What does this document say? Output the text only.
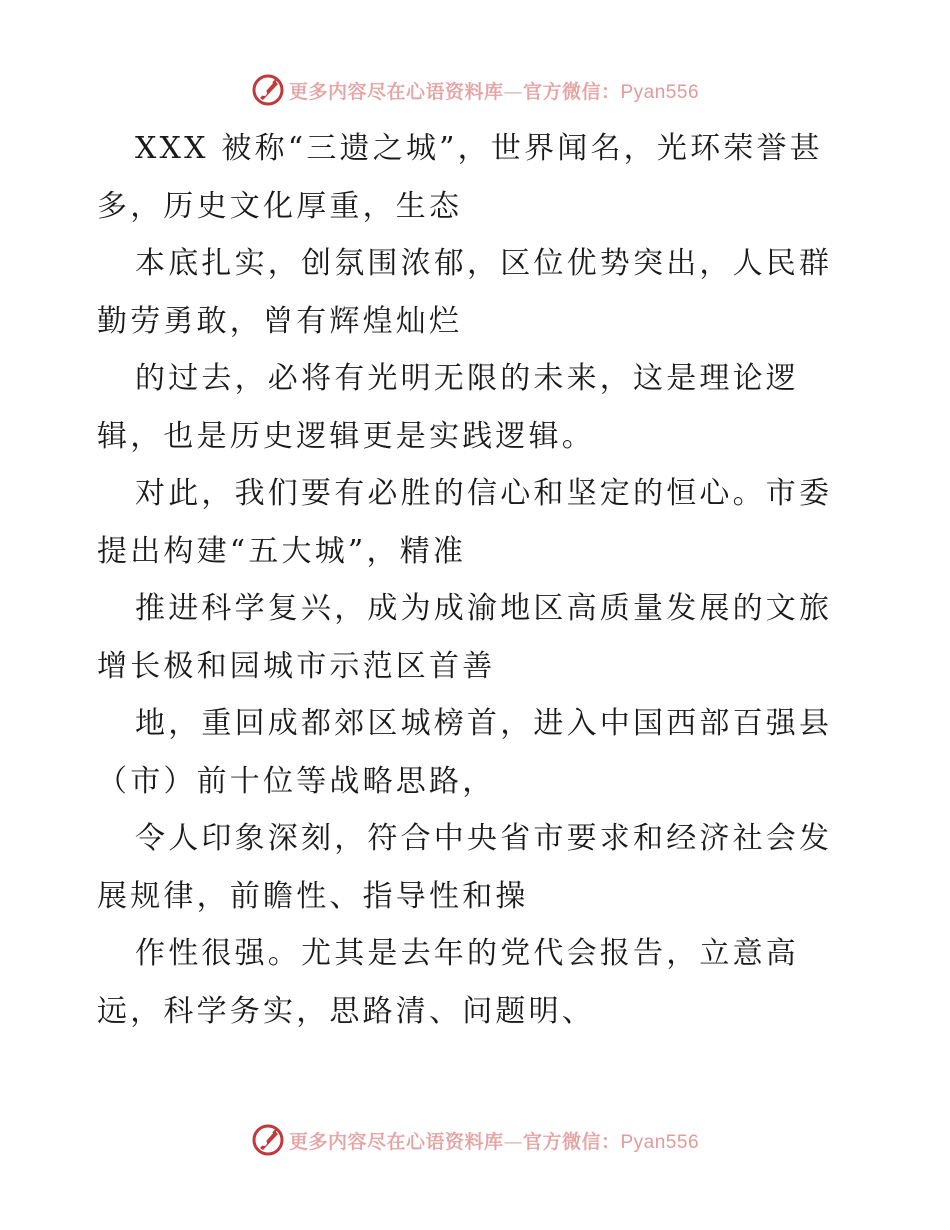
更多内容尽在心语资料库—官方微信：Pyan556
XXX 被称“三遗之城”，世界闻名，光环荣誉甚
多，历史文化厚重，生态
本底扎实，创氛围浓郁，区位优势突出，人民群
勤劳勇敢，曾有辉煌灿烂
的过去，必将有光明无限的未来，这是理论逻
辑，也是历史逻辑更是实践逻辑。
对此，我们要有必胜的信心和坚定的恒心。市委
提出构建“五大城”，精准
推进科学复兴，成为成渝地区高质量发展的文旅
增长极和园城市示范区首善
地，重回成都郊区城榜首，进入中国西部百强县
（市）前十位等战略思路，
令人印象深刻，符合中央省市要求和经济社会发
展规律，前瞻性、指导性和操
作性很强。尤其是去年的党代会报告，立意高
远，科学务实，思路清、问题明、
更多内容尽在心语资料库—官方微信：Pyan556
